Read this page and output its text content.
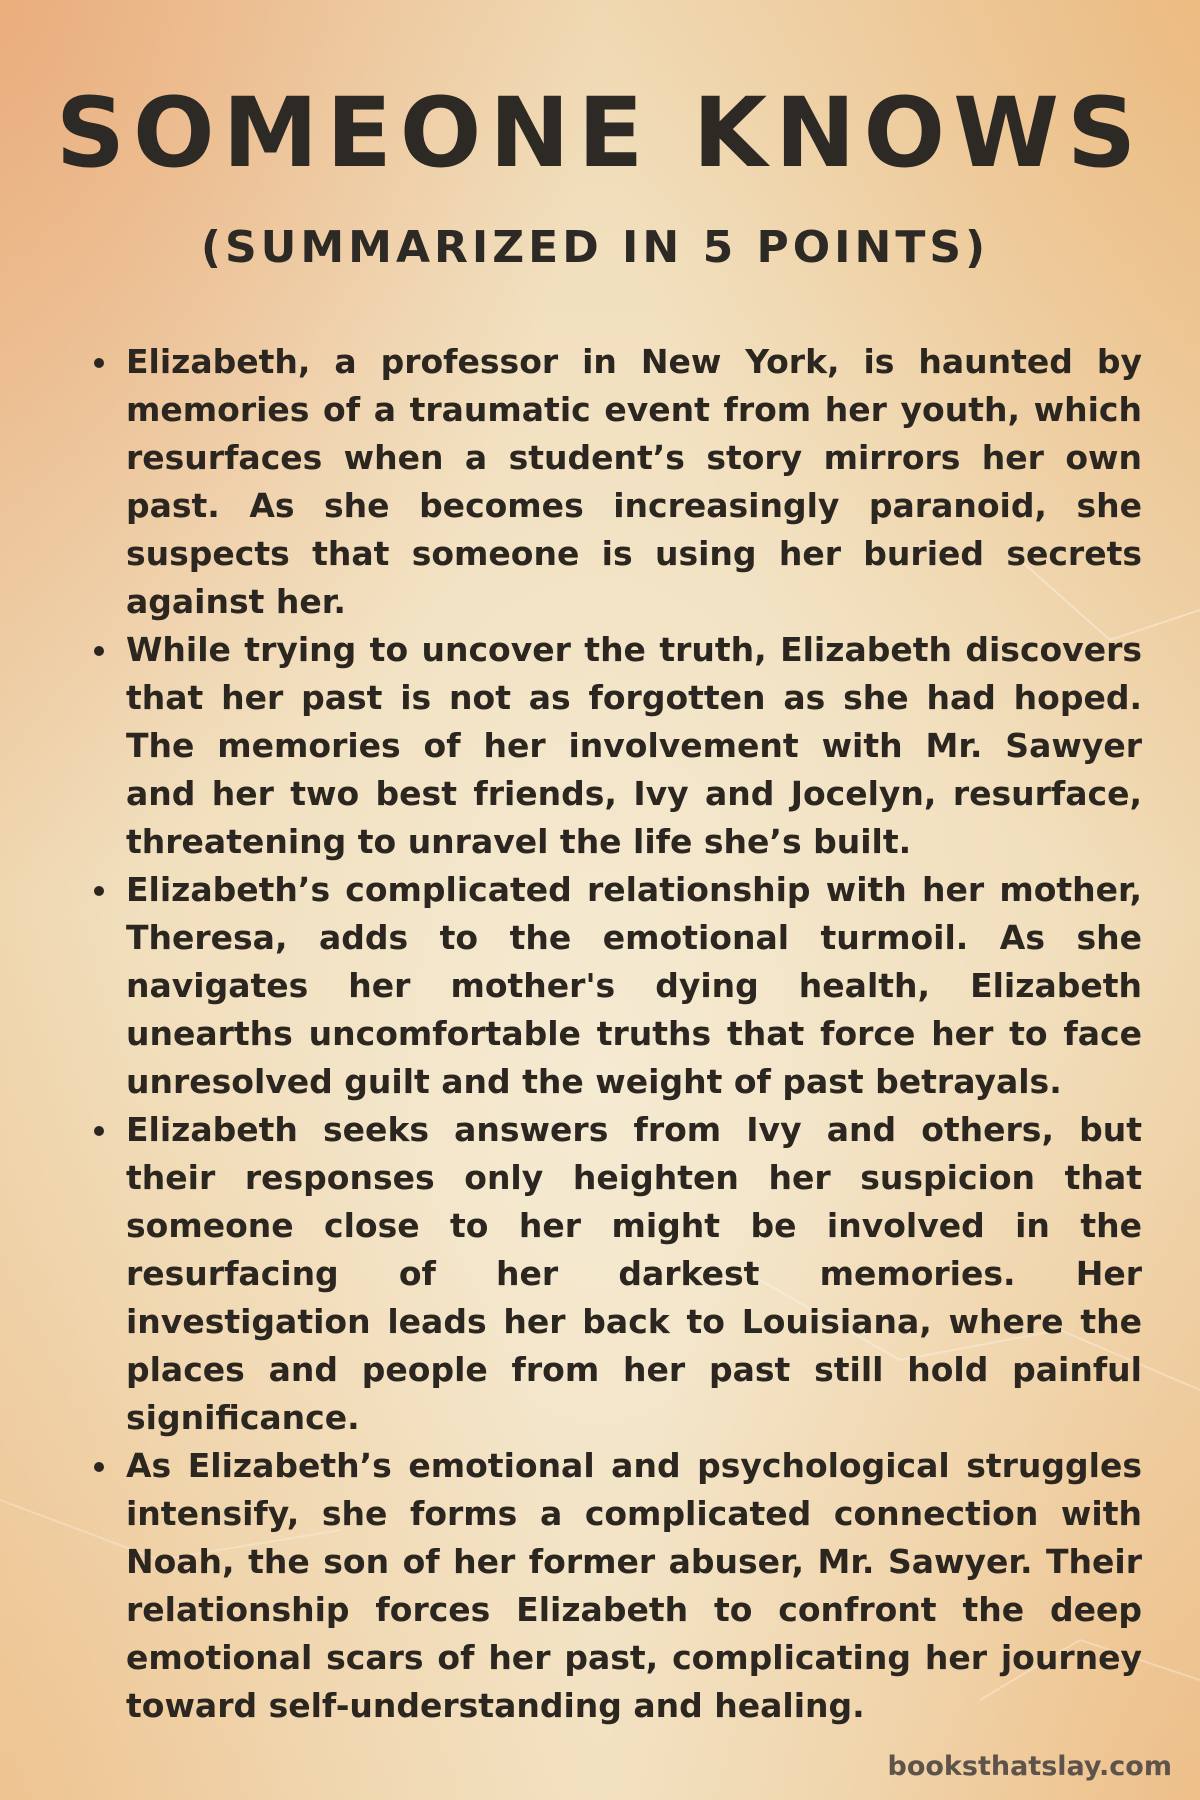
SOMEONE KNOWS
(SUMMARIZED IN 5 POINTS)
Elizabeth, a professor in New York, is haunted by memories of a traumatic event from her youth, which resurfaces when a student’s story mirrors her own past. As she becomes increasingly paranoid, she suspects that someone is using her buried secrets against her.
While trying to uncover the truth, Elizabeth discovers that her past is not as forgotten as she had hoped. The memories of her involvement with Mr. Sawyer and her two best friends, Ivy and Jocelyn, resurface, threatening to unravel the life she’s built.
Elizabeth’s complicated relationship with her mother, Theresa, adds to the emotional turmoil. As she navigates her mother's dying health, Elizabeth unearths uncomfortable truths that force her to face unresolved guilt and the weight of past betrayals.
Elizabeth seeks answers from Ivy and others, but their responses only heighten her suspicion that someone close to her might be involved in the resurfacing of her darkest memories. Her investigation leads her back to Louisiana, where the places and people from her past still hold painful significance.
As Elizabeth’s emotional and psychological struggles intensify, she forms a complicated connection with Noah, the son of her former abuser, Mr. Sawyer. Their relationship forces Elizabeth to confront the deep emotional scars of her past, complicating her journey toward self-understanding and healing.

booksthatslay.com
